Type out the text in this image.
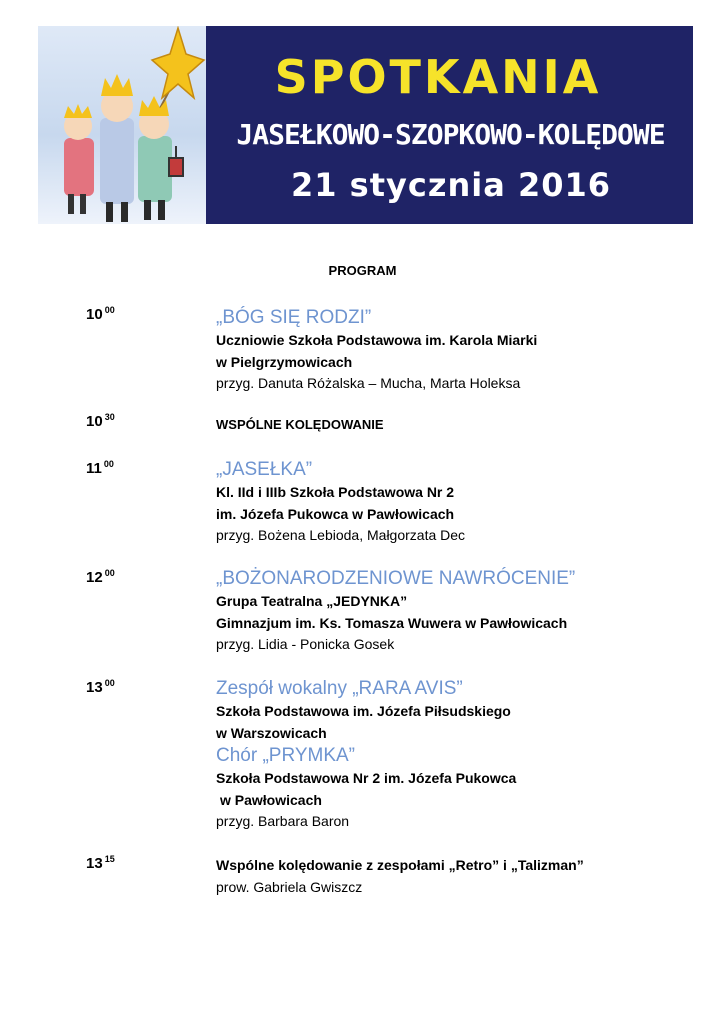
SPOTKANIA
JASEŁKOWO-SZOPKOWO-KOLĘDOWE
21 stycznia 2016
PROGRAM
10 $^{00}$	„BÓG SIĘ RODZI”
Uczniowie Szkoła Podstawowa im. Karola Miarki
w Pielgrzymowicach
przyg. Danuta Różalska – Mucha, Marta Holeksa
10 $^{30}$	WSPÓLNE KOLĘDOWANIE
11 $^{00}$	„JASEŁKA”
Kl. IId i IIIb Szkoła Podstawowa Nr 2
im. Józefa Pukowca w Pawłowicach
przyg. Bożena Lebioda, Małgorzata Dec
12 $^{00}$	„BOŻONARODZENIOWE NAWRÓCENIE”
Grupa Teatralna „JEDYNKA”
Gimnazjum im. Ks. Tomasza Wuwera w Pawłowicach
przyg. Lidia - Ponicka Gosek
13 $^{00}$	Zespół wokalny „RARA AVIS”
Szkoła Podstawowa im. Józefa Piłsudskiego
w Warszowicach
Chór „PRYMKA”
Szkoła Podstawowa Nr 2 im. Józefa Pukowca
w Pawłowicach
przyg. Barbara Baron
13 $^{15}$	Wspólne kolędowanie z zespołami „Retro” i „Talizman”
prow. Gabriela Gwiszcz
